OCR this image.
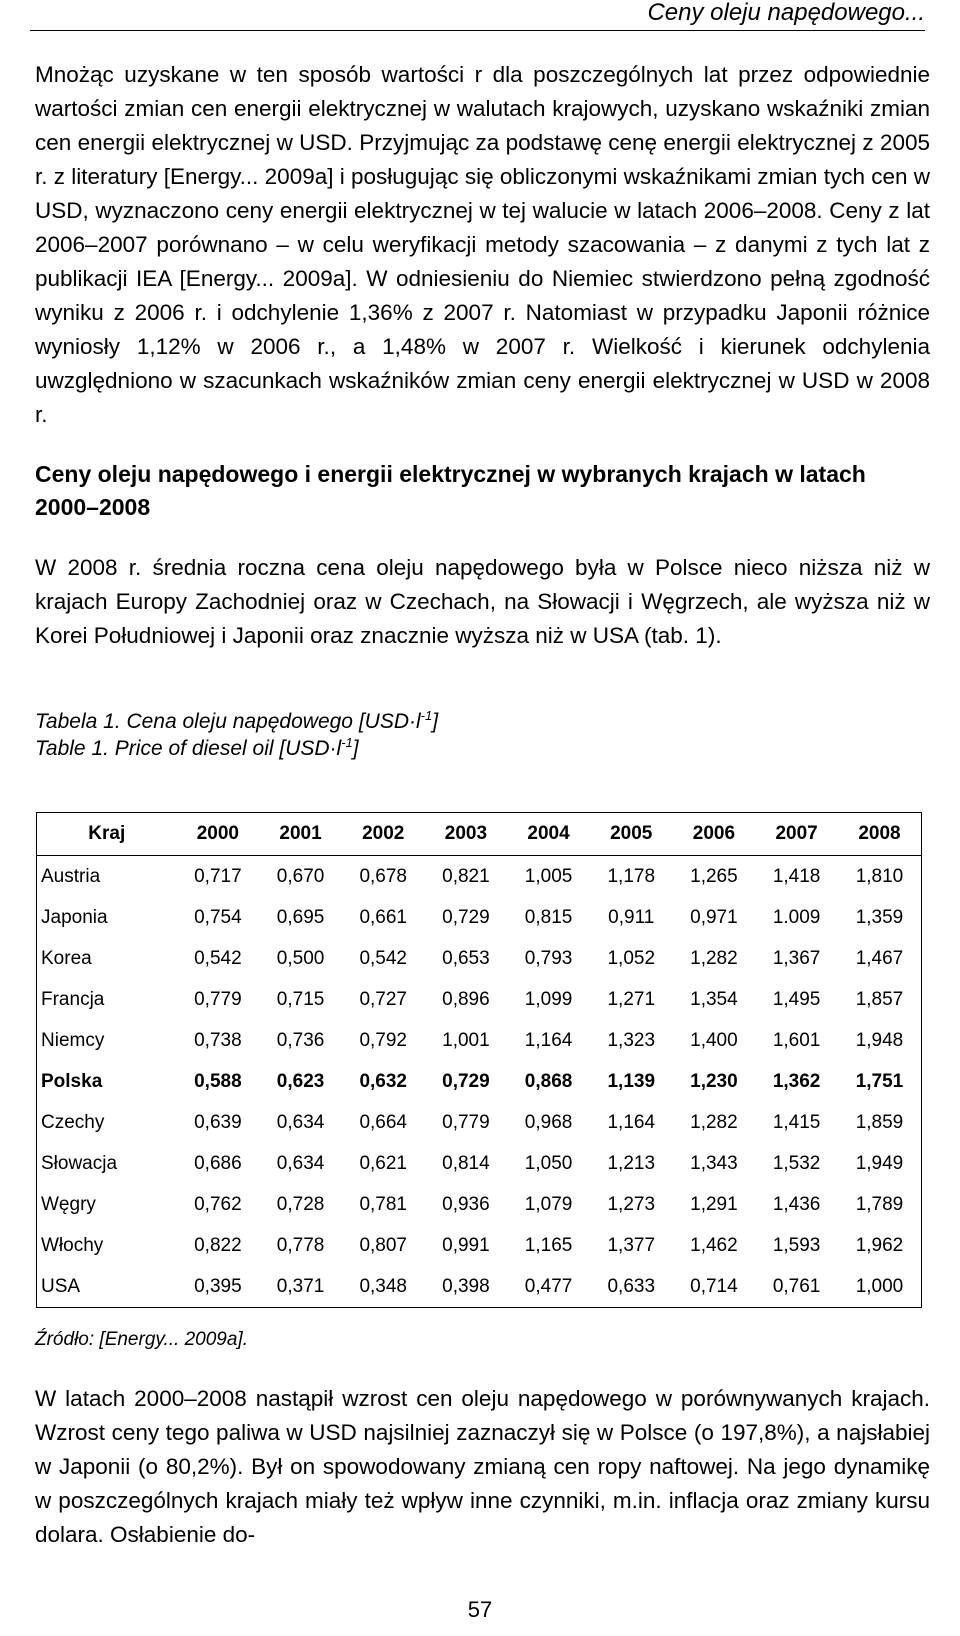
Ceny oleju napędowego...

Mnożąc uzyskane w ten sposób wartości r dla poszczególnych lat przez odpowiednie wartości zmian cen energii elektrycznej w walutach krajowych, uzyskano wskaźniki zmian cen energii elektrycznej w USD. Przyjmując za podstawę cenę energii elektrycznej z 2005 r. z literatury [Energy... 2009a] i posługując się obliczonymi wskaźnikami zmian tych cen w USD, wyznaczono ceny energii elektrycznej w tej walucie w latach 2006–2008. Ceny z lat 2006–2007 porównano – w celu weryfikacji metody szacowania – z danymi z tych lat z publikacji IEA [Energy... 2009a]. W odniesieniu do Niemiec stwierdzono pełną zgodność wyniku z 2006 r. i odchylenie 1,36% z 2007 r. Natomiast w przypadku Japonii różnice wyniosły 1,12% w 2006 r., a 1,48% w 2007 r. Wielkość i kierunek odchylenia uwzględniono w szacunkach wskaźników zmian ceny energii elektrycznej w USD w 2008 r.

Ceny oleju napędowego i energii elektrycznej w wybranych krajach w latach 2000–2008

W 2008 r. średnia roczna cena oleju napędowego była w Polsce nieco niższa niż w krajach Europy Zachodniej oraz w Czechach, na Słowacji i Węgrzech, ale wyższa niż w Korei Południowej i Japonii oraz znacznie wyższa niż w USA (tab. 1).

Tabela 1. Cena oleju napędowego $[USD\cdot l^{-1}]$
Table 1. Price of diesel oil $[USD\cdot l^{-1}]$
Kraj	2000	2001	2002	2003	2004	2005	2006	2007	2008
Austria	0,717	0,670	0,678	0,821	1,005	1,178	1,265	1,418	1,810
Japonia	0,754	0,695	0,661	0,729	0,815	0,911	0,971	1.009	1,359
Korea	0,542	0,500	0,542	0,653	0,793	1,052	1,282	1,367	1,467
Francja	0,779	0,715	0,727	0,896	1,099	1,271	1,354	1,495	1,857
Niemcy	0,738	0,736	0,792	1,001	1,164	1,323	1,400	1,601	1,948
Polska	0,588	0,623	0,632	0,729	0,868	1,139	1,230	1,362	1,751
Czechy	0,639	0,634	0,664	0,779	0,968	1,164	1,282	1,415	1,859
Słowacja	0,686	0,634	0,621	0,814	1,050	1,213	1,343	1,532	1,949
Węgry	0,762	0,728	0,781	0,936	1,079	1,273	1,291	1,436	1,789
Włochy	0,822	0,778	0,807	0,991	1,165	1,377	1,462	1,593	1,962
USA	0,395	0,371	0,348	0,398	0,477	0,633	0,714	0,761	1,000
Źródło: [Energy... 2009a].

W latach 2000–2008 nastąpił wzrost cen oleju napędowego w porównywanych krajach. Wzrost ceny tego paliwa w USD najsilniej zaznaczył się w Polsce (o 197,8%), a najsłabiej w Japonii (o 80,2%). Był on spowodowany zmianą cen ropy naftowej. Na jego dynamikę w poszczególnych krajach miały też wpływ inne czynniki, m.in. inflacja oraz zmiany kursu dolara. Osłabienie do-

57
